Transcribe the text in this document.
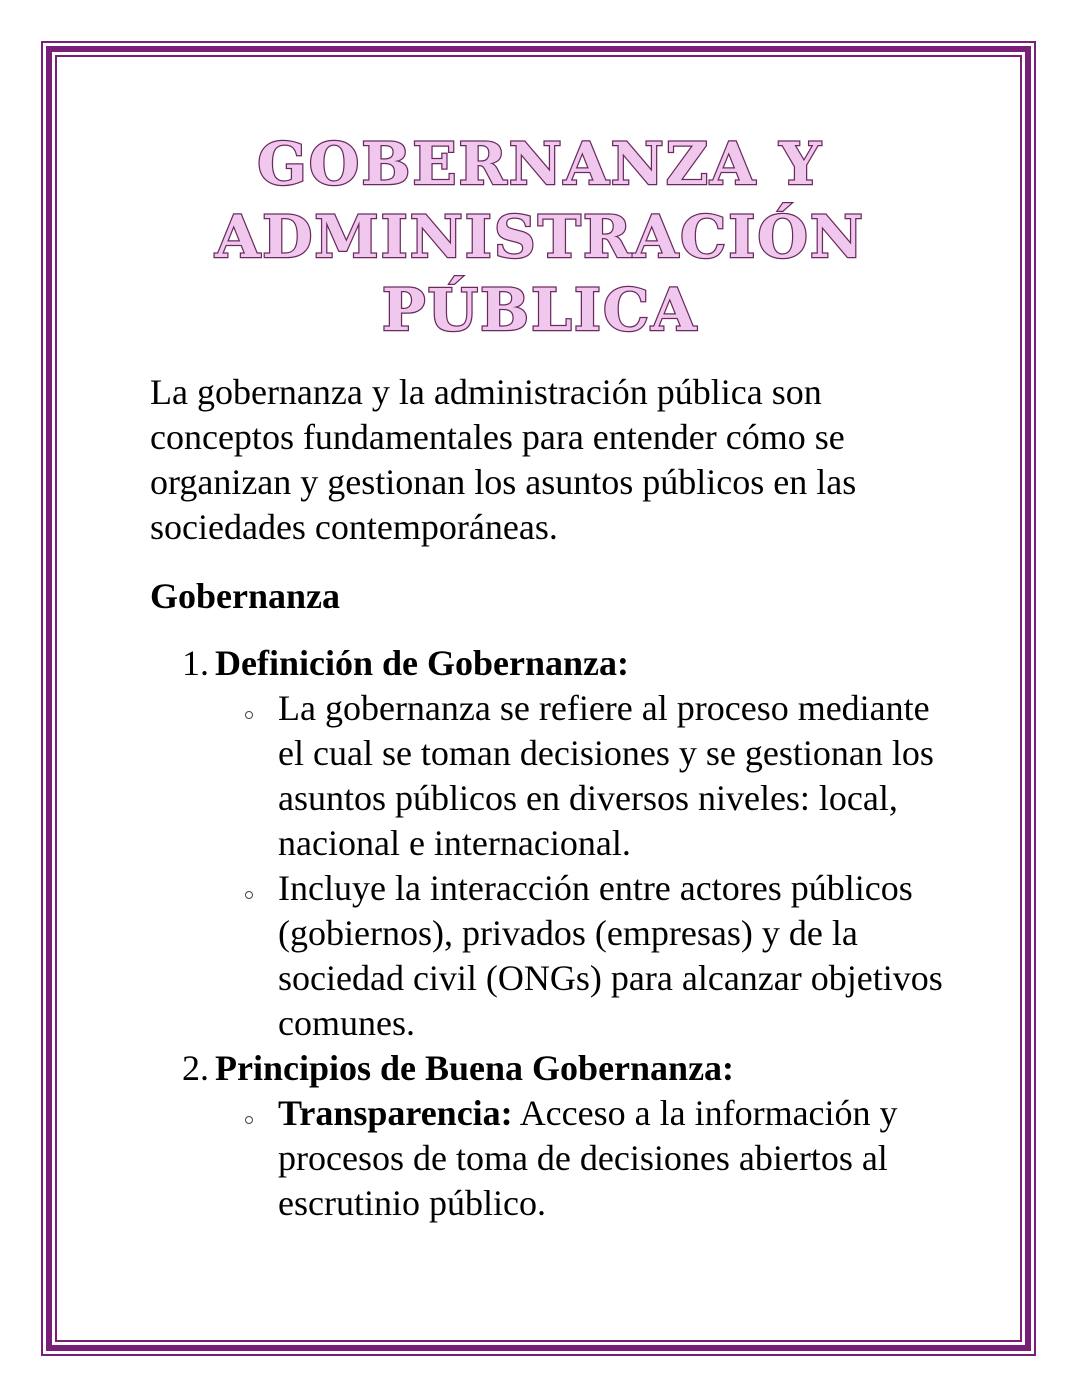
GOBERNANZA Y
ADMINISTRACIÓN
PÚBLICA

La gobernanza y la administración pública son conceptos fundamentales para entender cómo se organizan y gestionan los asuntos públicos en las sociedades contemporáneas.

Gobernanza
1. Definición de Gobernanza:
La gobernanza se refiere al proceso mediante el cual se toman decisiones y se gestionan los asuntos públicos en diversos niveles: local, nacional e internacional.
Incluye la interacción entre actores públicos (gobiernos), privados (empresas) y de la sociedad civil (ONGs) para alcanzar objetivos comunes.
2. Principios de Buena Gobernanza:
Transparencia: Acceso a la información y procesos de toma de decisiones abiertos al escrutinio público.
